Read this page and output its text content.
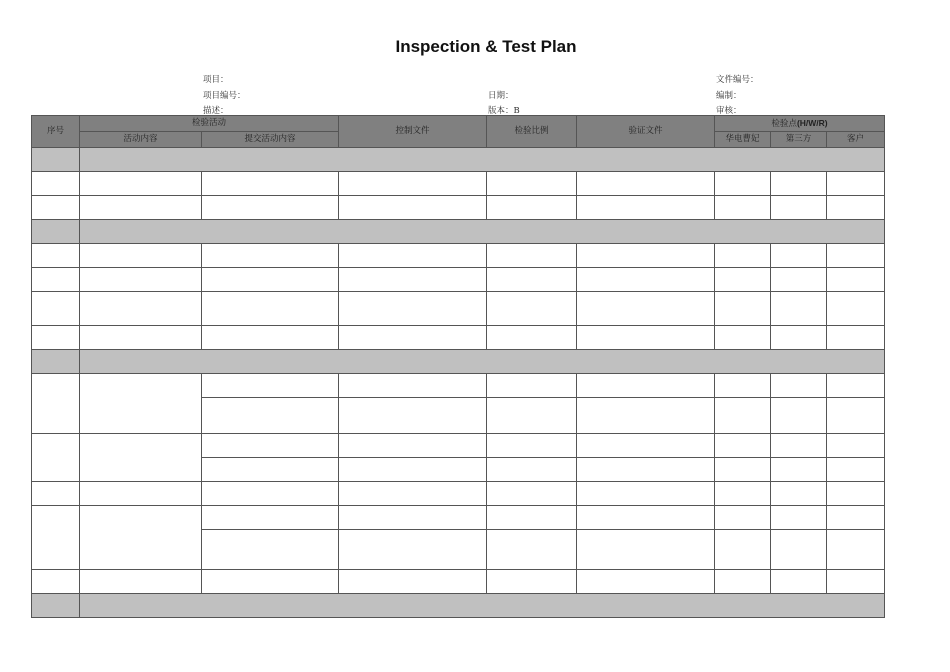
Inspection & Test Plan
项目：
项目编号：
描述：
日期：
版本：B
文件编号：
编制：
审核：
序号	检验活动		控制文件	检验比例	验证文件	检验点(H/W/R)		
	活动内容	提交活动内容				华电曹妃	第三方	客户
